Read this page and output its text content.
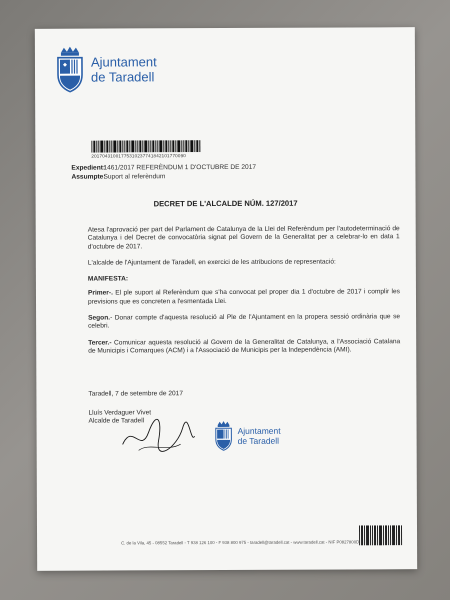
Ajuntament
de Taradell
20170431001775310237741842101770090
Expedient:1461/2017 REFERÈNDUM 1 D'OCTUBRE DE 2017
Assumpte:Suport al referèndum
DECRET DE L'ALCALDE NÚM. 127/2017

Atesa l'aprovació per part del Parlament de Catalunya de la Llei del Referèndum per l'autodeterminació de Catalunya i del Decret de convocatòria signat pel Govern de la Generalitat per a celebrar-lo en data 1 d'octubre de 2017.

L'alcalde de l'Ajuntament de Taradell, en exercici de les atribucions de representació:

MANIFESTA:

Primer-. El ple suport al Referèndum que s'ha convocat pel proper dia 1 d'octubre de 2017 i complir les previsions que es concreten a l'esmentada Llei.

Segon.- Donar compte d'aquesta resolució al Ple de l'Ajuntament en la propera sessió ordinària que se celebri.

Tercer.- Comunicar aquesta resolució al Govern de la Generalitat de Catalunya, a l'Associació Catalana de Municipis i Comarques (ACM) i a l'Associació de Municipis per la Independència (AMI).

Taradell, 7 de setembre de 2017
Lluís Verdaguer Vivet
Alcalde de Taradell
Ajuntament
de Taradell
C. de la Vila, 45 - 08552 Taradell - T 938 126 100 - F 938 800 975 - taradell@taradell.cat - www.taradell.cat - NIF P0827800D
